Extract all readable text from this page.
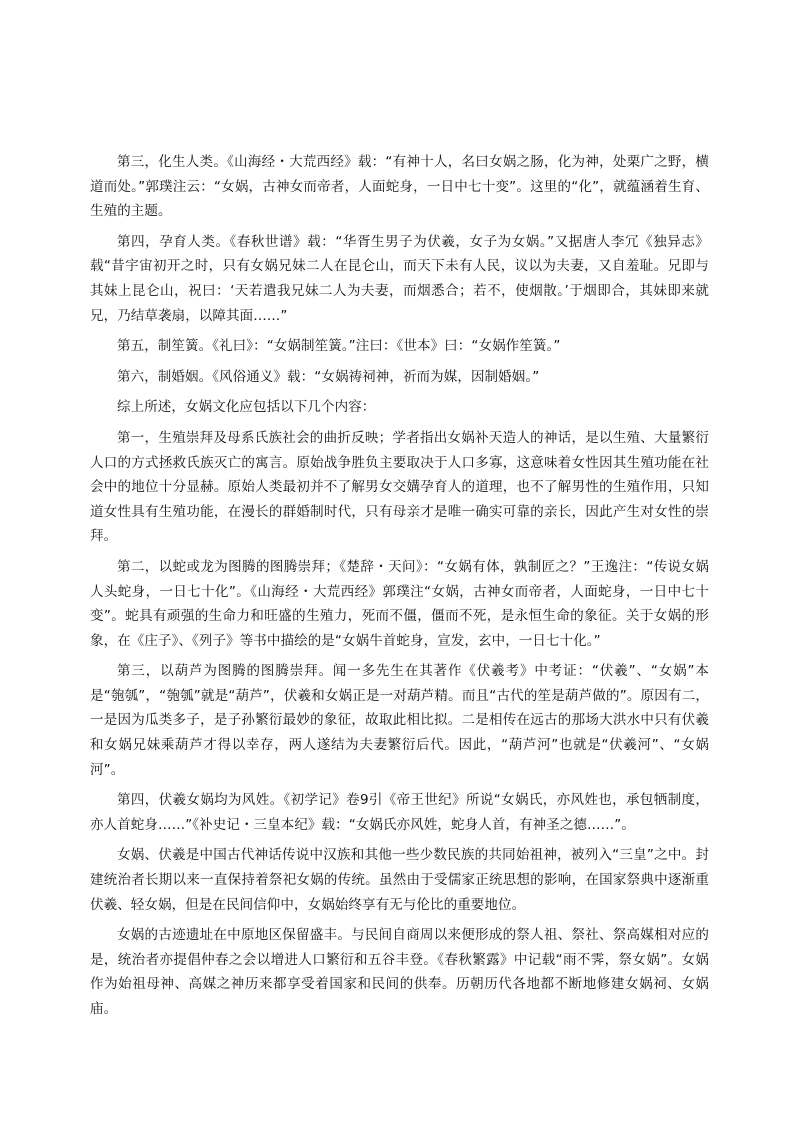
第三，化生人类。《山海经・大荒西经》载：“有神十人，名曰女娲之肠，化为神，处栗广之野，横道而处。”郭璞注云：“女娲，古神女而帝者，人面蛇身，一日中七十变”。这里的“化”，就蕴涵着生育、生殖的主题。

第四，孕育人类。《春秋世谱》载：“华胥生男子为伏羲，女子为女娲。”又据唐人李冗《独异志》载“昔宇宙初开之时，只有女娲兄妹二人在昆仑山，而天下未有人民，议以为夫妻，又自羞耻。兄即与其妹上昆仑山，祝曰：‘天若遣我兄妹二人为夫妻，而烟悉合；若不，使烟散。’于烟即合，其妹即来就兄，乃结草袭扇，以障其面……”

第五，制笙簧。《礼曰》：“女娲制笙簧。”注曰：《世本》曰：“女娲作笙簧。”

第六，制婚姻。《风俗通义》载：“女娲祷祠神，祈而为媒，因制婚姻。”

综上所述，女娲文化应包括以下几个内容：

第一，生殖崇拜及母系氏族社会的曲折反映；学者指出女娲补天造人的神话，是以生殖、大量繁衍人口的方式拯救氏族灭亡的寓言。原始战争胜负主要取决于人口多寡，这意味着女性因其生殖功能在社会中的地位十分显赫。原始人类最初并不了解男女交媾孕育人的道理，也不了解男性的生殖作用，只知道女性具有生殖功能，在漫长的群婚制时代，只有母亲才是唯一确实可靠的亲长，因此产生对女性的崇拜。

第二，以蛇或龙为图腾的图腾崇拜；《楚辞・天问》：“女娲有体，孰制匠之？”王逸注：“传说女娲人头蛇身，一日七十化”。《山海经・大荒西经》郭璞注“女娲，古神女而帝者，人面蛇身，一日中七十变”。蛇具有顽强的生命力和旺盛的生殖力，死而不僵，僵而不死，是永恒生命的象征。关于女娲的形象，在《庄子》、《列子》等书中描绘的是“女娲牛首蛇身，宣发，玄中，一日七十化。”

第三，以葫芦为图腾的图腾崇拜。闻一多先生在其著作《伏羲考》中考证：“伏羲”、“女娲”本是“匏瓠”，“匏瓠”就是“葫芦”，伏羲和女娲正是一对葫芦精。而且“古代的笙是葫芦做的”。原因有二，一是因为瓜类多子，是子孙繁衍最妙的象征，故取此相比拟。二是相传在远古的那场大洪水中只有伏羲和女娲兄妹乘葫芦才得以幸存，两人遂结为夫妻繁衍后代。因此，“葫芦河”也就是“伏羲河”、“女娲河”。

第四，伏羲女娲均为风姓。《初学记》卷9引《帝王世纪》所说“女娲氏，亦风姓也，承包牺制度，亦人首蛇身……”《补史记・三皇本纪》载：“女娲氏亦风姓，蛇身人首，有神圣之德……”。

女娲、伏羲是中国古代神话传说中汉族和其他一些少数民族的共同始祖神，被列入“三皇”之中。封建统治者长期以来一直保持着祭祀女娲的传统。虽然由于受儒家正统思想的影响，在国家祭典中逐渐重伏羲、轻女娲，但是在民间信仰中，女娲始终享有无与伦比的重要地位。

女娲的古迹遗址在中原地区保留盛丰。与民间自商周以来便形成的祭人祖、祭社、祭高媒相对应的是，统治者亦提倡仲春之会以增进人口繁衍和五谷丰登。《春秋繁露》中记载“雨不霁，祭女娲”。女娲作为始祖母神、高媒之神历来都享受着国家和民间的供奉。历朝历代各地都不断地修建女娲祠、女娲庙。
